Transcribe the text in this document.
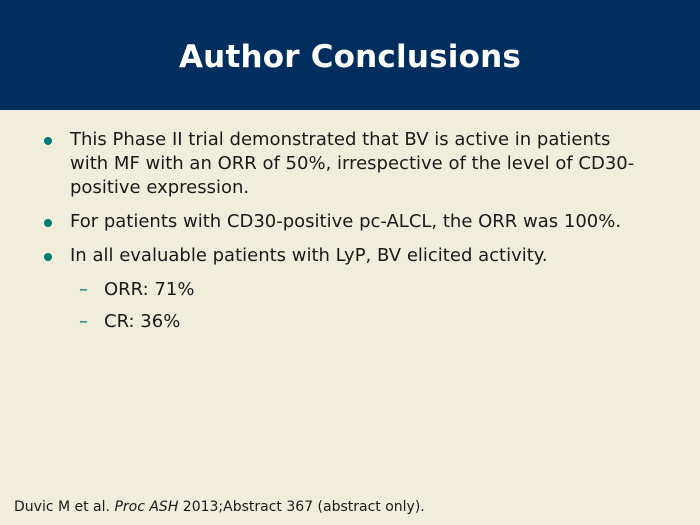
Author Conclusions
This Phase II trial demonstrated that BV is active in patients with MF with an ORR of 50%, irrespective of the level of CD30-positive expression.
For patients with CD30-positive pc-ALCL, the ORR was 100%.
In all evaluable patients with LyP, BV elicited activity.
– ORR: 71%
– CR: 36%
Duvic M et al. Proc ASH 2013;Abstract 367 (abstract only).
